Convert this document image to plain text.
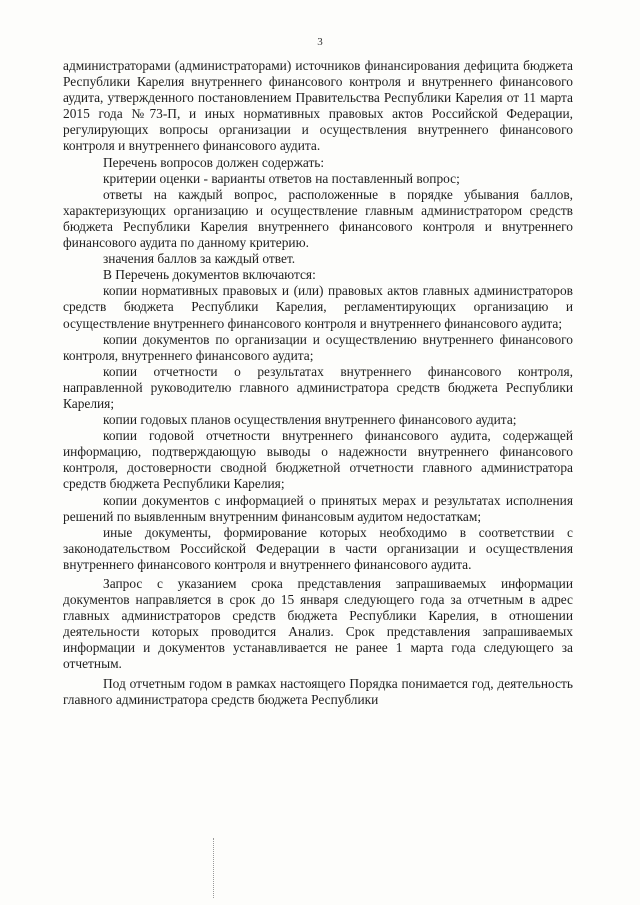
3

администраторами (администраторами) источников финансирования дефицита бюджета Республики Карелия внутреннего финансового контроля и внутреннего финансового аудита, утвержденного постановлением Правительства Республики Карелия от 11 марта 2015 года №73-П, и иных нормативных правовых актов Российской Федерации, регулирующих вопросы организации и осуществления внутреннего финансового контроля и внутреннего финансового аудита.

Перечень вопросов должен содержать:

критерии оценки - варианты ответов на поставленный вопрос;

ответы на каждый вопрос, расположенные в порядке убывания баллов, характеризующих организацию и осуществление главным администратором средств бюджета Республики Карелия внутреннего финансового контроля и внутреннего финансового аудита по данному критерию.

значения баллов за каждый ответ.

В Перечень документов включаются:

копии нормативных правовых и (или) правовых актов главных администраторов средств бюджета Республики Карелия, регламентирующих организацию и осуществление внутреннего финансового контроля и внутреннего финансового аудита;

копии документов по организации и осуществлению внутреннего финансового контроля, внутреннего финансового аудита;

копии отчетности о результатах внутреннего финансового контроля, направленной руководителю главного администратора средств бюджета Республики Карелия;

копии годовых планов осуществления внутреннего финансового аудита;

копии годовой отчетности внутреннего финансового аудита, содержащей информацию, подтверждающую выводы о надежности внутреннего финансового контроля, достоверности сводной бюджетной отчетности главного администратора средств бюджета Республики Карелия;

копии документов с информацией о принятых мерах и результатах исполнения решений по выявленным внутренним финансовым аудитом недостаткам;

иные документы, формирование которых необходимо в соответствии с законодательством Российской Федерации в части организации и осуществления внутреннего финансового контроля и внутреннего финансового аудита.

Запрос с указанием срока представления запрашиваемых информации документов направляется в срок до 15 января следующего года за отчетным в адрес главных администраторов средств бюджета Республики Карелия, в отношении деятельности которых проводится Анализ. Срок представления запрашиваемых информации и документов устанавливается не ранее 1 марта года следующего за отчетным.

Под отчетным годом в рамках настоящего Порядка понимается год, деятельность главного администратора средств бюджета Республики
